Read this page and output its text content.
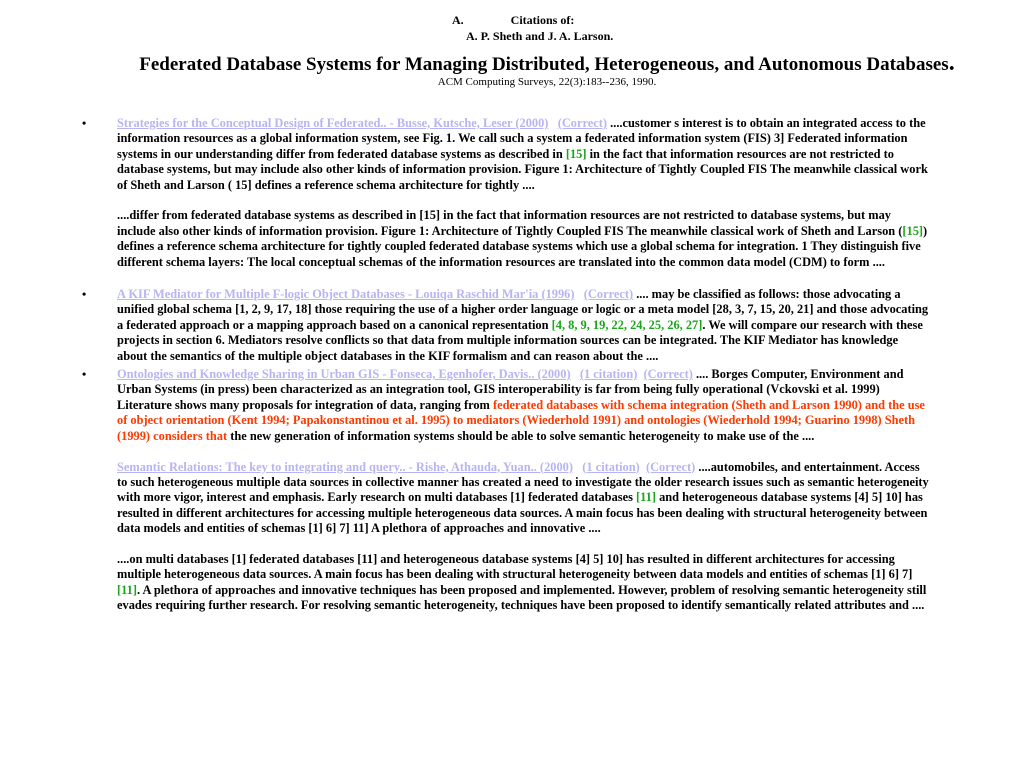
A.	Citations of:
A. P. Sheth and J. A. Larson.
Federated Database Systems for Managing Distributed, Heterogeneous, and Autonomous Databases.
ACM Computing Surveys, 22(3):183--236, 1990.
• Strategies for the Conceptual Design of Federated.. - Busse, Kutsche, Leser (2000) (Correct) ....customer s interest is to obtain an integrated access to the information resources as a global information system, see Fig. 1. We call such a system a federated information system (FIS) 3] Federated information systems in our understanding differ from federated database systems as described in [15] in the fact that information resources are not restricted to database systems, but may include also other kinds of information provision. Figure 1: Architecture of Tightly Coupled FIS The meanwhile classical work of Sheth and Larson ( 15] defines a reference schema architecture for tightly ....

....differ from federated database systems as described in [15] in the fact that information resources are not restricted to database systems, but may include also other kinds of information provision. Figure 1: Architecture of Tightly Coupled FIS The meanwhile classical work of Sheth and Larson ([15]) defines a reference schema architecture for tightly coupled federated database systems which use a global schema for integration. 1 They distinguish five different schema layers: The local conceptual schemas of the information resources are translated into the common data model (CDM) to form ....

• A KIF Mediator for Multiple F-logic Object Databases - Louiqa Raschid Mar'ia (1996) (Correct) .... may be classified as follows: those advocating a unified global schema [1, 2, 9, 17, 18] those requiring the use of a higher order language or logic or a meta model [28, 3, 7, 15, 20, 21] and those advocating a federated approach or a mapping approach based on a canonical representation [4, 8, 9, 19, 22, 24, 25, 26, 27]. We will compare our research with these projects in section 6. Mediators resolve conflicts so that data from multiple information sources can be integrated. The KIF Mediator has knowledge about the semantics of the multiple object databases in the KIF formalism and can reason about the ....

• Ontologies and Knowledge Sharing in Urban GIS - Fonseca, Egenhofer, Davis.. (2000) (1 citation) (Correct) .... Borges Computer, Environment and Urban Systems (in press) been characterized as an integration tool, GIS interoperability is far from being fully operational (Vckovski et al. 1999) Literature shows many proposals for integration of data, ranging from federated databases with schema integration (Sheth and Larson 1990) and the use of object orientation (Kent 1994; Papakonstantinou et al. 1995) to mediators (Wiederhold 1991) and ontologies (Wiederhold 1994; Guarino 1998) Sheth (1999) considers that the new generation of information systems should be able to solve semantic heterogeneity to make use of the ....

Semantic Relations: The key to integrating and query.. - Rishe, Athauda, Yuan.. (2000) (1 citation) (Correct) ....automobiles, and entertainment. Access to such heterogeneous multiple data sources in collective manner has created a need to investigate the older research issues such as semantic heterogeneity with more vigor, interest and emphasis. Early research on multi databases [1] federated databases [11] and heterogeneous database systems [4] 5] 10] has resulted in different architectures for accessing multiple heterogeneous data sources. A main focus has been dealing with structural heterogeneity between data models and entities of schemas [1] 6] 7] 11] A plethora of approaches and innovative ....

....on multi databases [1] federated databases [11] and heterogeneous database systems [4] 5] 10] has resulted in different architectures for accessing multiple heterogeneous data sources. A main focus has been dealing with structural heterogeneity between data models and entities of schemas [1] 6] 7][11]. A plethora of approaches and innovative techniques has been proposed and implemented. However, problem of resolving semantic heterogeneity still evades requiring further research. For resolving semantic heterogeneity, techniques have been proposed to identify semantically related attributes and ....
